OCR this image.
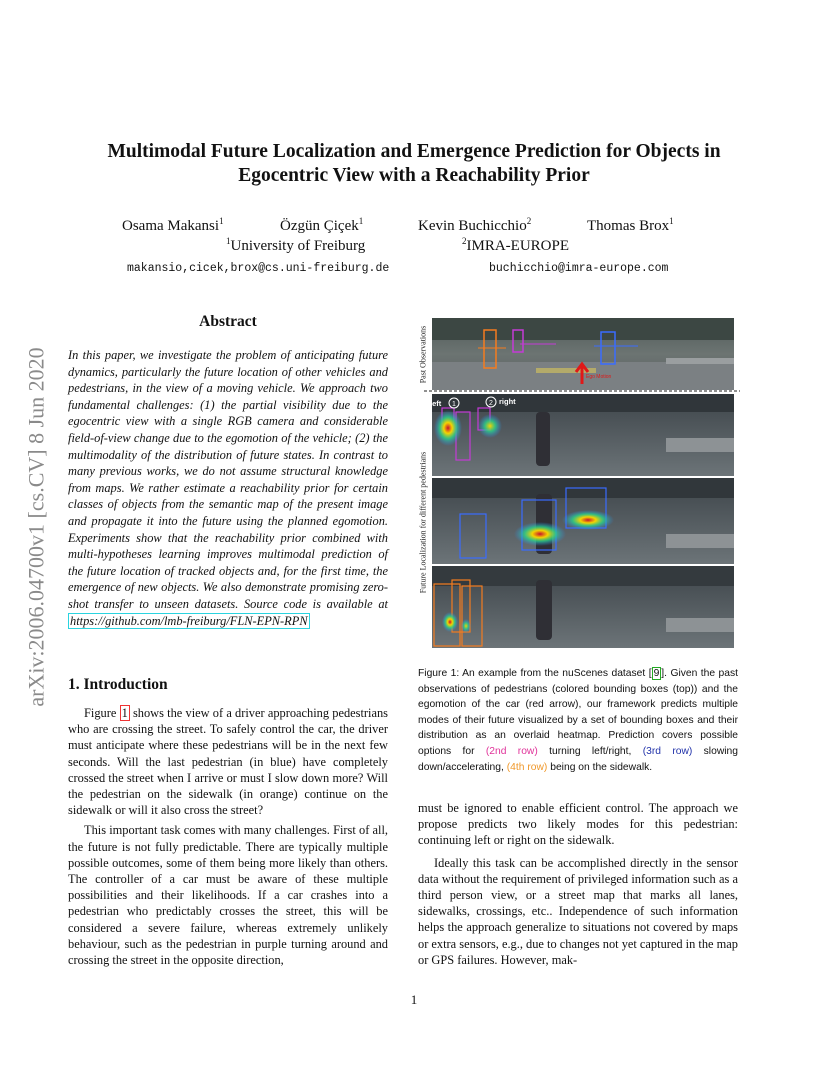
arXiv:2006.04700v1 [cs.CV] 8 Jun 2020
Multimodal Future Localization and Emergence Prediction for Objects in
Egocentric View with a Reachability Prior
Osama Makansi$^1$	Özgün Çiçek$^1$	Kevin Buchicchio$^2$	Thomas Brox$^1$
$^1$University of Freiburg	$^2$IMRA-EUROPE
makansio,cicek,brox@cs.uni-freiburg.de	buchicchio@imra-europe.com
Abstract
In this paper, we investigate the problem of anticipating future dynamics, particularly the future location of other vehicles and pedestrians, in the view of a moving vehicle. We approach two fundamental challenges: (1) the partial visibility due to the egocentric view with a single RGB camera and considerable field-of-view change due to the egomotion of the vehicle; (2) the multimodality of the distribution of future states. In contrast to many previous works, we do not assume structural knowledge from maps. We rather estimate a reachability prior for certain classes of objects from the semantic map of the present image and propagate it into the future using the planned egomotion. Experiments show that the reachability prior combined with multi-hypotheses learning improves multimodal prediction of the future location of tracked objects and, for the first time, the emergence of new objects. We also demonstrate promising zero-shot transfer to unseen datasets. Source code is available at https://github.com/lmb-freiburg/FLN-EPN-RPN
1. Introduction

Figure 1 shows the view of a driver approaching pedestrians who are crossing the street. To safely control the car, the driver must anticipate where these pedestrians will be in the next few seconds. Will the last pedestrian (in blue) have completely crossed the street when I arrive or must I slow down more? Will the pedestrian on the sidewalk (in orange) continue on the sidewalk or will it also cross the street?

This important task comes with many challenges. First of all, the future is not fully predictable. There are typically multiple possible outcomes, some of them being more likely than others. The controller of a car must be aware of these multiple possibilities and their likelihoods. If a car crashes into a pedestrian who predictably crosses the street, this will be considered a severe failure, whereas extremely unlikely behaviour, such as the pedestrian in purple turning around and crossing the street in the opposite direction,

Past Observations
Future Localization for different pedestrians
Ego Motion
left 1	2 right
Figure 1: An example from the nuScenes dataset [ 9 ]. Given the past observations of pedestrians (colored bounding boxes (top)) and the egomotion of the car (red arrow), our framework predicts multiple modes of their future visualized by a set of bounding boxes and their distribution as an overlaid heatmap. Prediction covers possible options for (2nd row) turning left/right, (3rd row) slowing down/accelerating, (4th row) being on the sidewalk.

must be ignored to enable efficient control. The approach we propose predicts two likely modes for this pedestrian: continuing left or right on the sidewalk.

Ideally this task can be accomplished directly in the sensor data without the requirement of privileged information such as a third person view, or a street map that marks all lanes, sidewalks, crossings, etc.. Independence of such information helps the approach generalize to situations not covered by maps or extra sensors, e.g., due to changes not yet captured in the map or GPS failures. However, mak-

1
